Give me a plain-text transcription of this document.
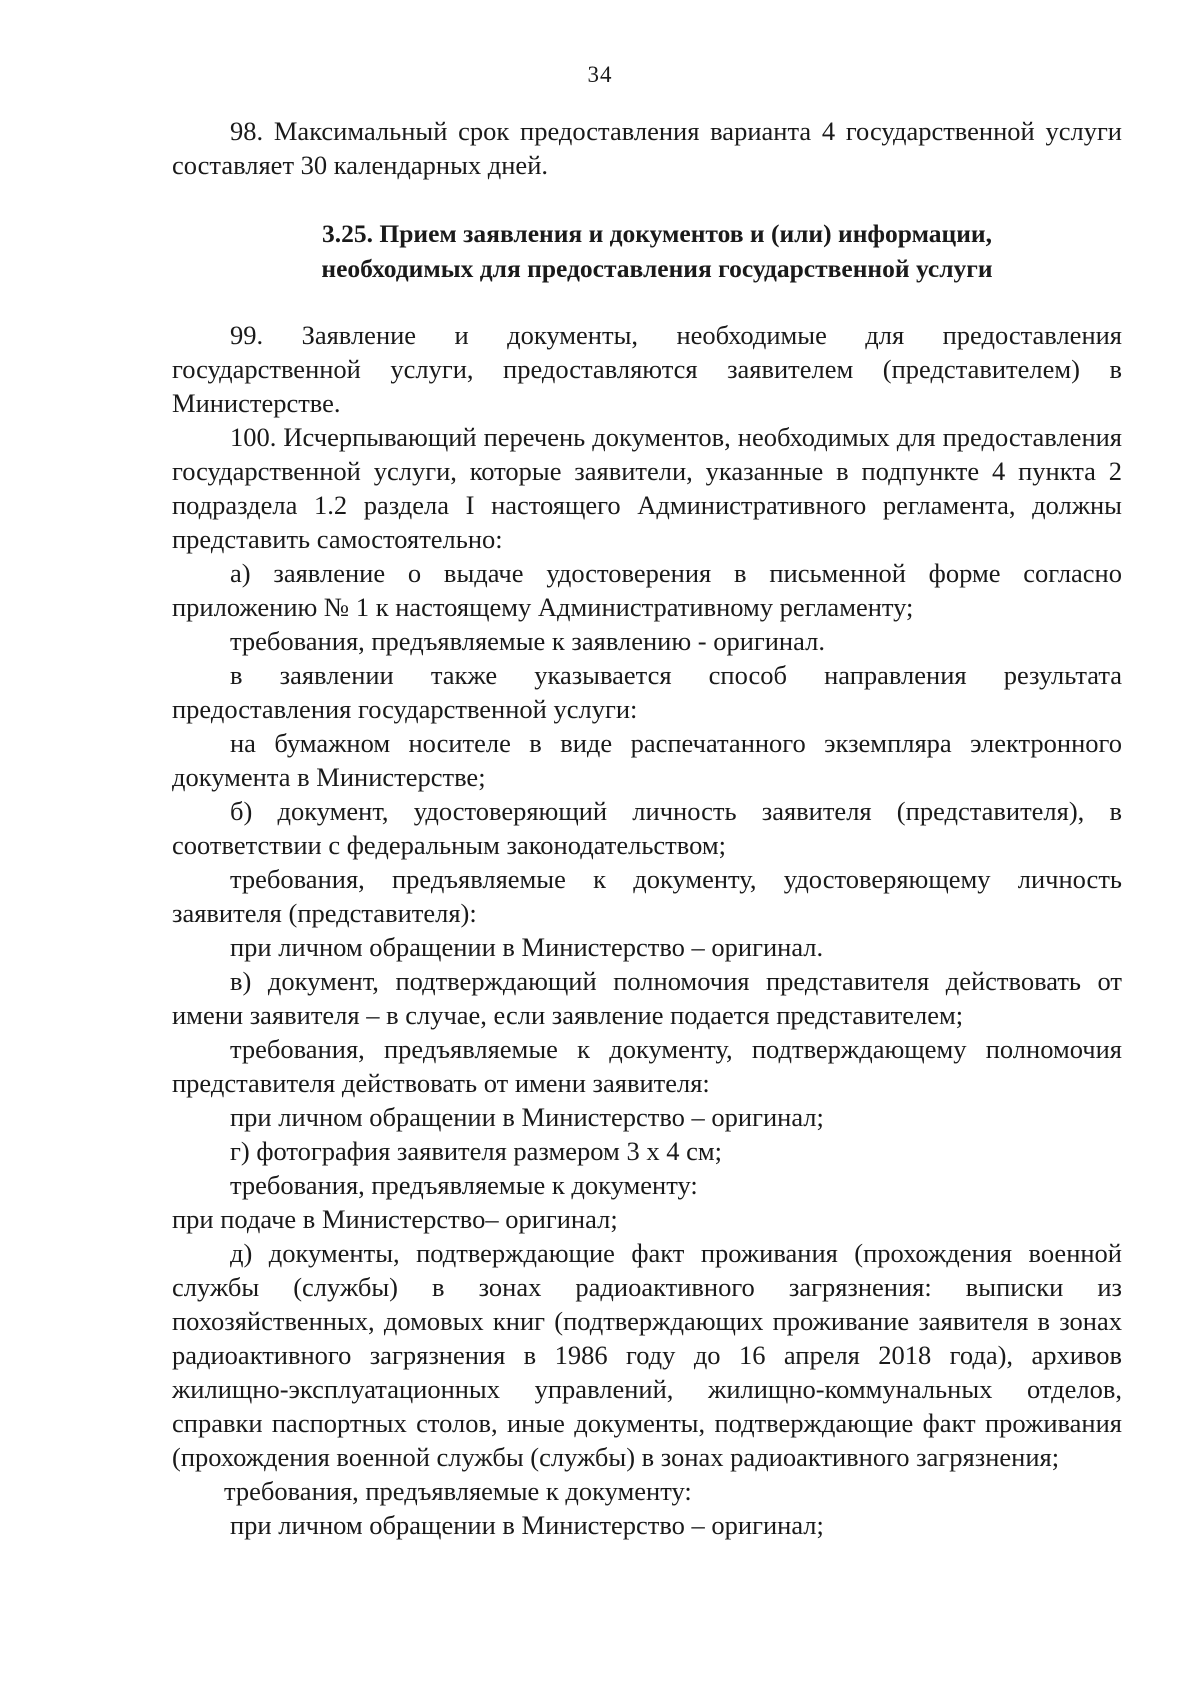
34

98. Максимальный срок предоставления варианта 4 государственной услуги составляет 30 календарных дней.

3.25. Прием заявления и документов и (или) информации,
необходимых для предоставления государственной услуги

99. Заявление и документы, необходимые для предоставления государственной услуги, предоставляются заявителем (представителем) в Министерстве.

100. Исчерпывающий перечень документов, необходимых для предоставления государственной услуги, которые заявители, указанные в подпункте 4 пункта 2 подраздела 1.2 раздела I настоящего Административного регламента, должны представить самостоятельно:

а) заявление о выдаче удостоверения в письменной форме согласно приложению № 1 к настоящему Административному регламенту;

требования, предъявляемые к заявлению - оригинал.

в заявлении также указывается способ направления результата предоставления государственной услуги:

на бумажном носителе в виде распечатанного экземпляра электронного документа в Министерстве;

б) документ, удостоверяющий личность заявителя (представителя), в соответствии с федеральным законодательством;

требования, предъявляемые к документу, удостоверяющему личность заявителя (представителя):

при личном обращении в Министерство – оригинал.

в) документ, подтверждающий полномочия представителя действовать от имени заявителя – в случае, если заявление подается представителем;

требования, предъявляемые к документу, подтверждающему полномочия представителя действовать от имени заявителя:

при личном обращении в Министерство – оригинал;

г) фотография заявителя размером 3 х 4 см;

требования, предъявляемые к документу:

при подаче в Министерство– оригинал;

д) документы, подтверждающие факт проживания (прохождения военной службы (службы) в зонах радиоактивного загрязнения: выписки из похозяйственных, домовых книг (подтверждающих проживание заявителя в зонах радиоактивного загрязнения в 1986 году до 16 апреля 2018 года), архивов жилищно-эксплуатационных управлений, жилищно-коммунальных отделов, справки паспортных столов, иные документы, подтверждающие факт проживания (прохождения военной службы (службы) в зонах радиоактивного загрязнения;

требования, предъявляемые к документу:

при личном обращении в Министерство – оригинал;
